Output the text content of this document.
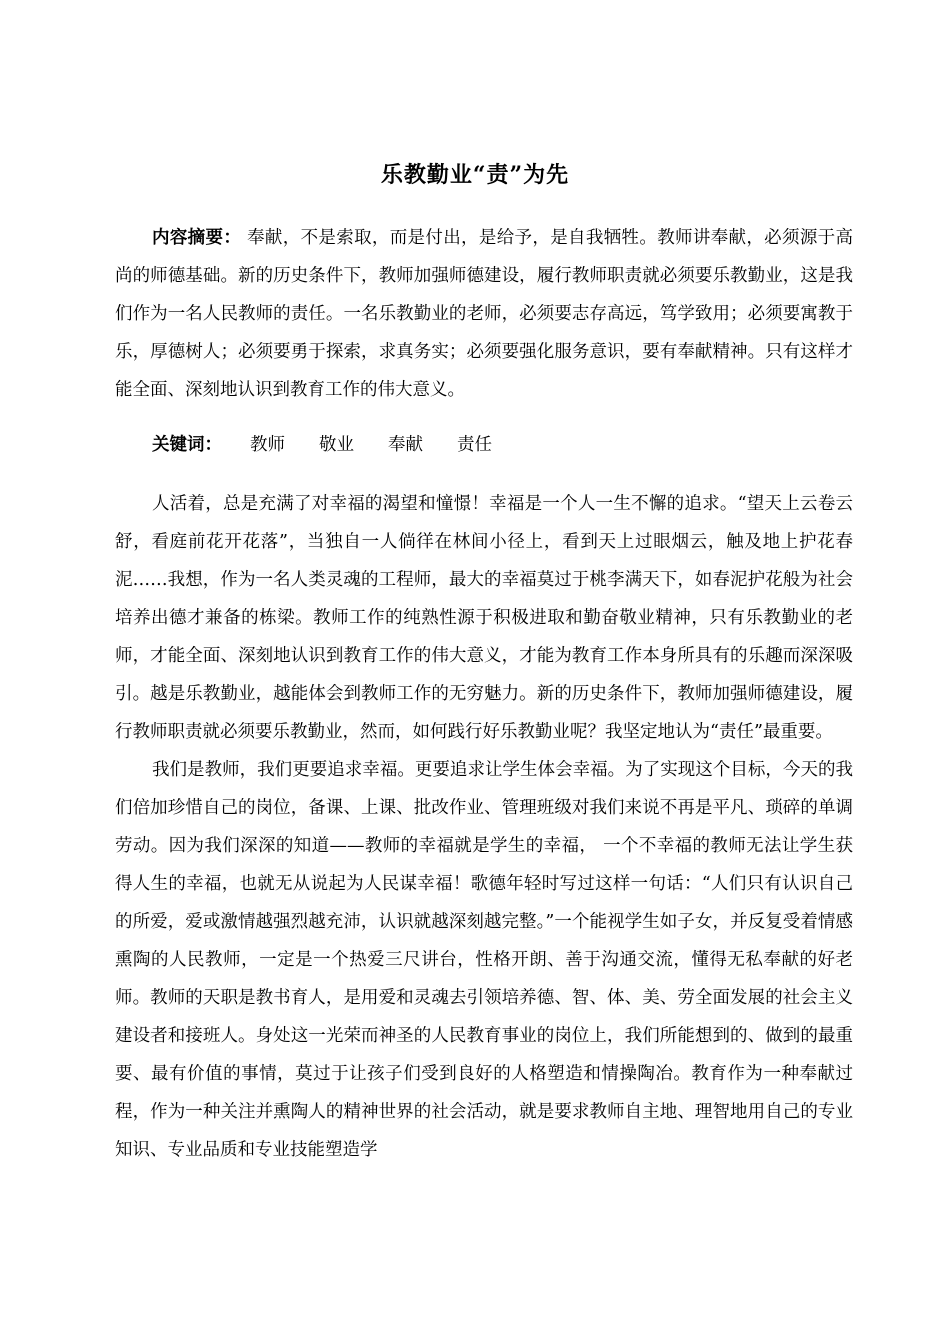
乐教勤业“责”为先
内容摘要： 奉献，不是索取，而是付出，是给予，是自我牺牲。教师讲奉献，必须源于高尚的师德基础。新的历史条件下，教师加强师德建设，履行教师职责就必须要乐教勤业，这是我们作为一名人民教师的责任。一名乐教勤业的老师，必须要志存高远，笃学致用；必须要寓教于乐，厚德树人；必须要勇于探索，求真务实；必须要强化服务意识，要有奉献精神。只有这样才能全面、深刻地认识到教育工作的伟大意义。
关键词： 教师 敬业 奉献 责任

人活着，总是充满了对幸福的渴望和憧憬！幸福是一个人一生不懈的追求。“望天上云卷云舒，看庭前花开花落”，当独自一人倘徉在林间小径上，看到天上过眼烟云，触及地上护花春泥……我想，作为一名人类灵魂的工程师，最大的幸福莫过于桃李满天下，如春泥护花般为社会培养出德才兼备的栋梁。教师工作的纯熟性源于积极进取和勤奋敬业精神，只有乐教勤业的老师，才能全面、深刻地认识到教育工作的伟大意义，才能为教育工作本身所具有的乐趣而深深吸引。越是乐教勤业，越能体会到教师工作的无穷魅力。新的历史条件下，教师加强师德建设，履行教师职责就必须要乐教勤业，然而，如何践行好乐教勤业呢？我坚定地认为“责任”最重要。

我们是教师，我们更要追求幸福。更要追求让学生体会幸福。为了实现这个目标，今天的我们倍加珍惜自己的岗位，备课、上课、批改作业、管理班级对我们来说不再是平凡、琐碎的单调劳动。因为我们深深的知道——教师的幸福就是学生的幸福， 一个不幸福的教师无法让学生获得人生的幸福，也就无从说起为人民谋幸福！歌德年轻时写过这样一句话：“人们只有认识自己的所爱，爱或激情越强烈越充沛，认识就越深刻越完整。”一个能视学生如子女，并反复受着情感熏陶的人民教师，一定是一个热爱三尺讲台，性格开朗、善于沟通交流，懂得无私奉献的好老师。教师的天职是教书育人，是用爱和灵魂去引领培养德、智、体、美、劳全面发展的社会主义建设者和接班人。身处这一光荣而神圣的人民教育事业的岗位上，我们所能想到的、做到的最重要、最有价值的事情，莫过于让孩子们受到良好的人格塑造和情操陶冶。教育作为一种奉献过程，作为一种关注并熏陶人的精神世界的社会活动，就是要求教师自主地、理智地用自己的专业知识、专业品质和专业技能塑造学
